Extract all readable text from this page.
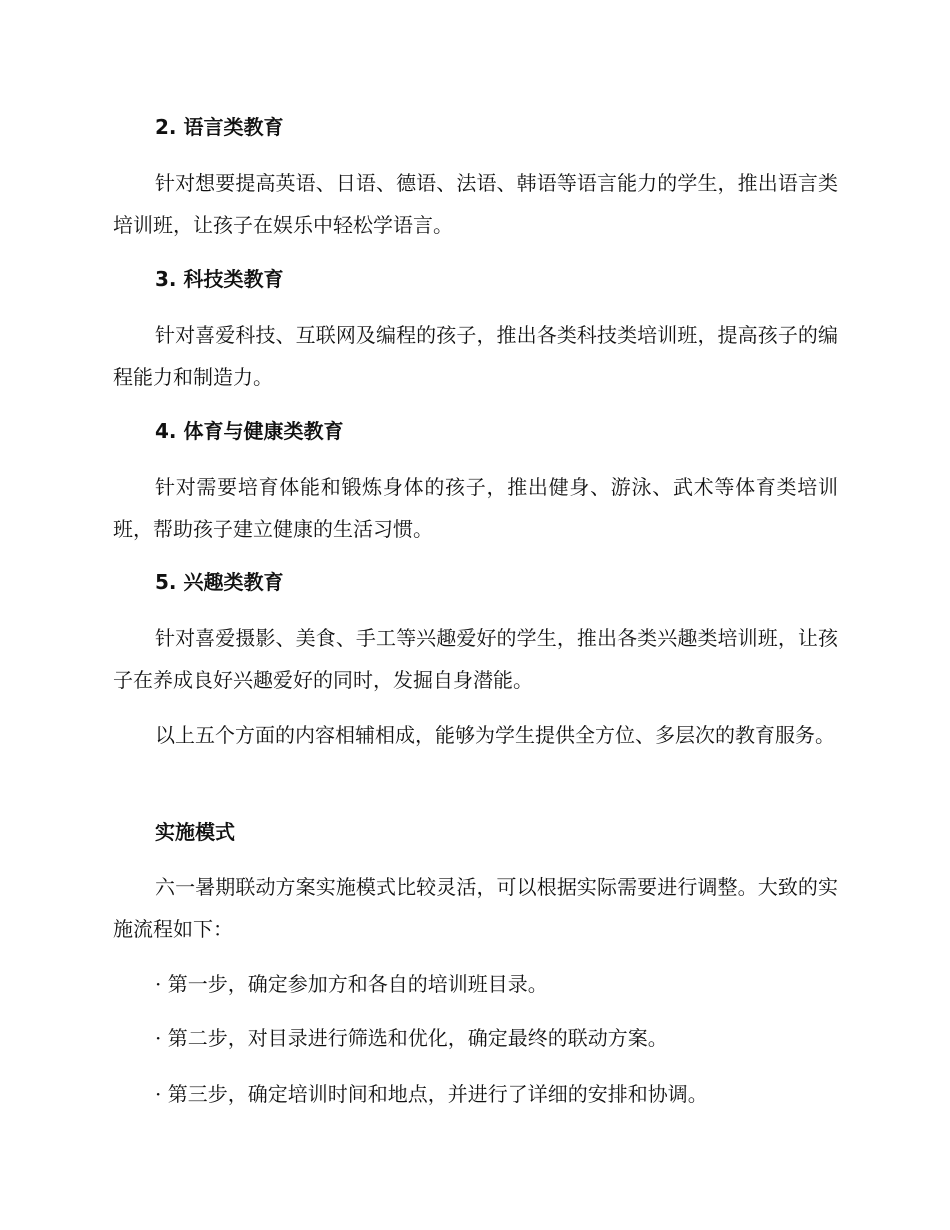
2. 语言类教育

针对想要提高英语、日语、德语、法语、韩语等语言能力的学生，推出语言类培训班，让孩子在娱乐中轻松学语言。

3. 科技类教育

针对喜爱科技、互联网及编程的孩子，推出各类科技类培训班，提高孩子的编程能力和制造力。

4. 体育与健康类教育

针对需要培育体能和锻炼身体的孩子，推出健身、游泳、武术等体育类培训班，帮助孩子建立健康的生活习惯。

5. 兴趣类教育

针对喜爱摄影、美食、手工等兴趣爱好的学生，推出各类兴趣类培训班，让孩子在养成良好兴趣爱好的同时，发掘自身潜能。

以上五个方面的内容相辅相成，能够为学生提供全方位、多层次的教育服务。

实施模式

六一暑期联动方案实施模式比较灵活，可以根据实际需要进行调整。大致的实施流程如下：

· 第一步，确定参加方和各自的培训班目录。

· 第二步，对目录进行筛选和优化，确定最终的联动方案。

· 第三步，确定培训时间和地点，并进行了详细的安排和协调。
